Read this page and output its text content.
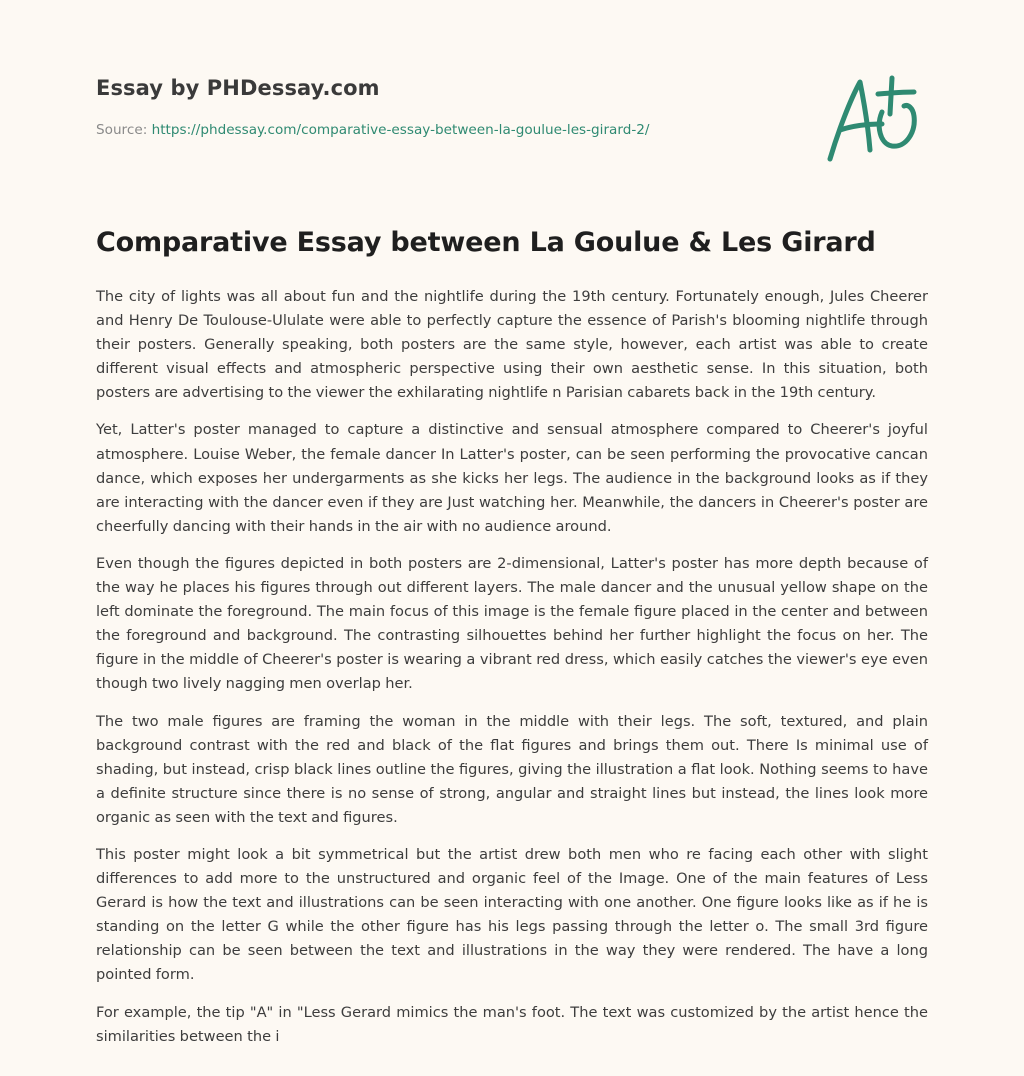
Essay by PHDessay.com
Source: https://phdessay.com/comparative-essay-between-la-goulue-les-girard-2/
Comparative Essay between La Goulue & Les Girard

The city of lights was all about fun and the nightlife during the 19th century. Fortunately enough, Jules Cheerer and Henry De Toulouse-Ululate were able to perfectly capture the essence of Parish's blooming nightlife through their posters. Generally speaking, both posters are the same style, however, each artist was able to create different visual effects and atmospheric perspective using their own aesthetic sense. In this situation, both posters are advertising to the viewer the exhilarating nightlife n Parisian cabarets back in the 19th century.

Yet, Latter's poster managed to capture a distinctive and sensual atmosphere compared to Cheerer's joyful atmosphere. Louise Weber, the female dancer In Latter's poster, can be seen performing the provocative cancan dance, which exposes her undergarments as she kicks her legs. The audience in the background looks as if they are interacting with the dancer even if they are Just watching her. Meanwhile, the dancers in Cheerer's poster are cheerfully dancing with their hands in the air with no audience around.

Even though the figures depicted in both posters are 2-dimensional, Latter's poster has more depth because of the way he places his figures through out different layers. The male dancer and the unusual yellow shape on the left dominate the foreground. The main focus of this image is the female figure placed in the center and between the foreground and background. The contrasting silhouettes behind her further highlight the focus on her. The figure in the middle of Cheerer's poster is wearing a vibrant red dress, which easily catches the viewer's eye even though two lively nagging men overlap her.

The two male figures are framing the woman in the middle with their legs. The soft, textured, and plain background contrast with the red and black of the flat figures and brings them out. There Is minimal use of shading, but instead, crisp black lines outline the figures, giving the illustration a flat look. Nothing seems to have a definite structure since there is no sense of strong, angular and straight lines but instead, the lines look more organic as seen with the text and figures.

This poster might look a bit symmetrical but the artist drew both men who re facing each other with slight differences to add more to the unstructured and organic feel of the Image. One of the main features of Less Gerard is how the text and illustrations can be seen interacting with one another. One figure looks like as if he is standing on the letter G while the other figure has his legs passing through the letter o. The small 3rd figure relationship can be seen between the text and illustrations in the way they were rendered. The have a long pointed form.

For example, the tip "A" in "Less Gerard mimics the man's foot. The text was customized by the artist hence the similarities between the i
